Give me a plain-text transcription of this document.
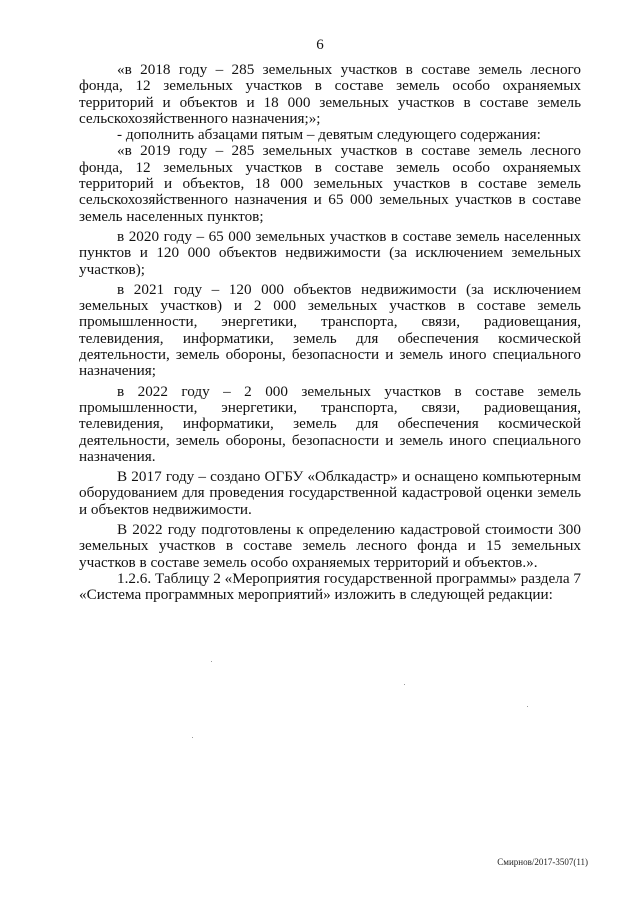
6

«в 2018 году – 285 земельных участков в составе земель лесного фонда, 12 земельных участков в составе земель особо охраняемых территорий и объектов и 18 000 земельных участков в составе земель сельскохозяйственного назначения;»;

- дополнить абзацами пятым – девятым следующего содержания:

«в 2019 году – 285 земельных участков в составе земель лесного фонда, 12 земельных участков в составе земель особо охраняемых территорий и объектов, 18 000 земельных участков в составе земель сельскохозяйственного назначения и 65 000 земельных участков в составе земель населенных пунктов;

в 2020 году – 65 000 земельных участков в составе земель населенных пунктов и 120 000 объектов недвижимости (за исключением земельных участков);

в 2021 году – 120 000 объектов недвижимости (за исключением земельных участков) и 2 000 земельных участков в составе земель промышленности, энергетики, транспорта, связи, радиовещания, телевидения, информатики, земель для обеспечения космической деятельности, земель обороны, безопасности и земель иного специального назначения;

в 2022 году – 2 000 земельных участков в составе земель промышленности, энергетики, транспорта, связи, радиовещания, телевидения, информатики, земель для обеспечения космической деятельности, земель обороны, безопасности и земель иного специального назначения.

В 2017 году – создано ОГБУ «Облкадастр» и оснащено компьютерным оборудованием для проведения государственной кадастровой оценки земель и объектов недвижимости.

В 2022 году подготовлены к определению кадастровой стоимости 300 земельных участков в составе земель лесного фонда и 15 земельных участков в составе земель особо охраняемых территорий и объектов.».

1.2.6. Таблицу 2 «Мероприятия государственной программы» раздела 7 «Система программных мероприятий» изложить в следующей редакции:

Смирнов/2017-3507(11)
